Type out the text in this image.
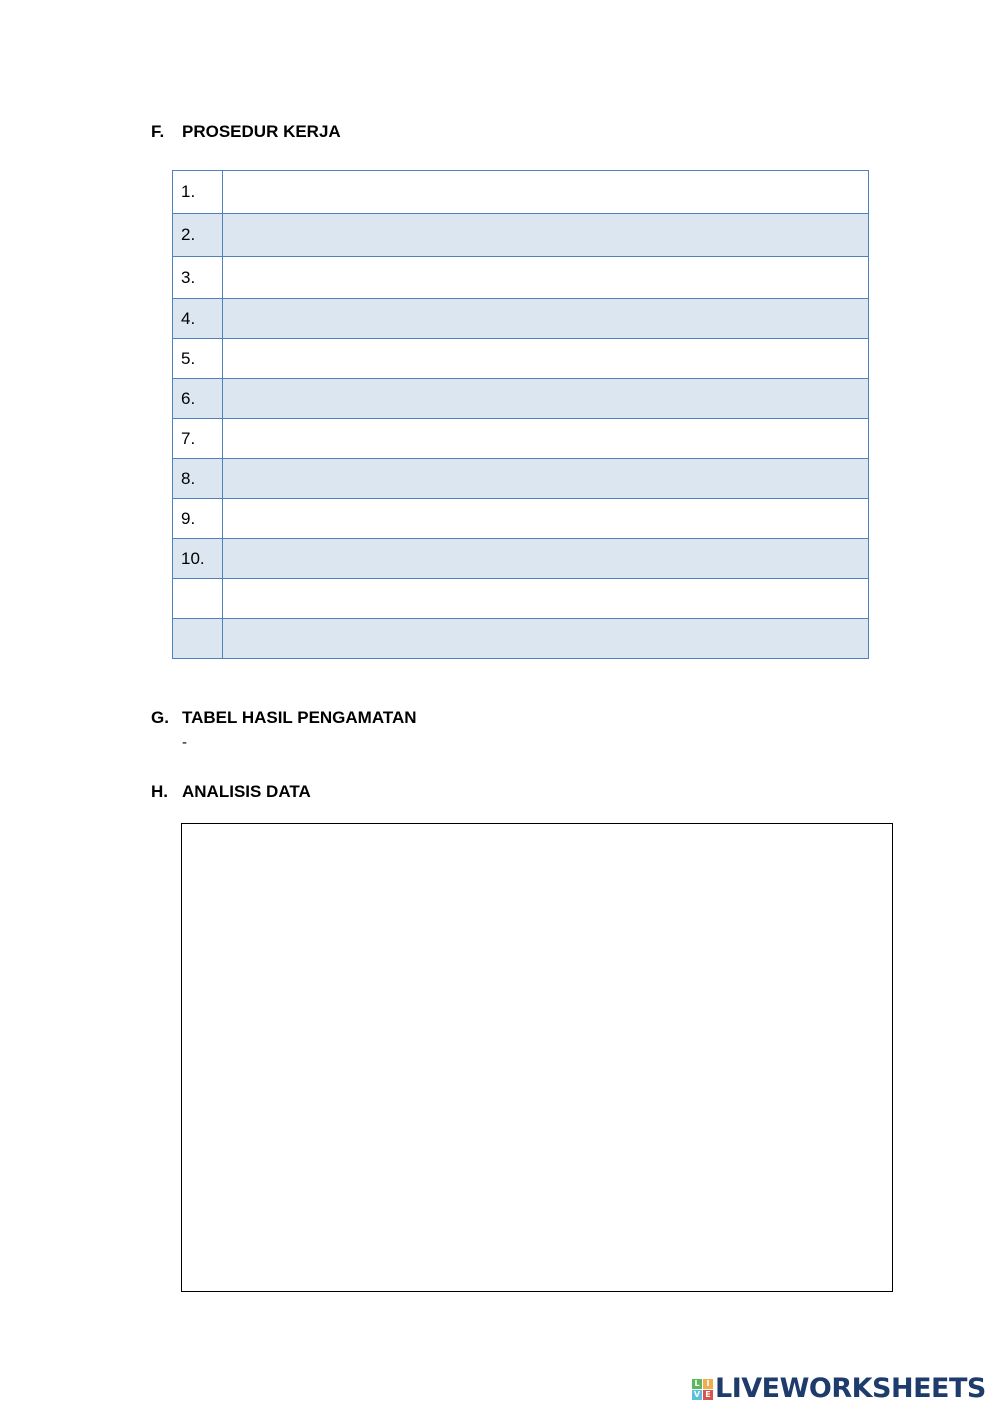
F.	PROSEDUR KERJA
1.	
2.	
3.	
4.	
5.	
6.	
7.	
8.	
9.	
10.	

G. TABEL HASIL PENGAMATAN
-
H. ANALISIS DATA
L I
V E LIVEWORKSHEETS
